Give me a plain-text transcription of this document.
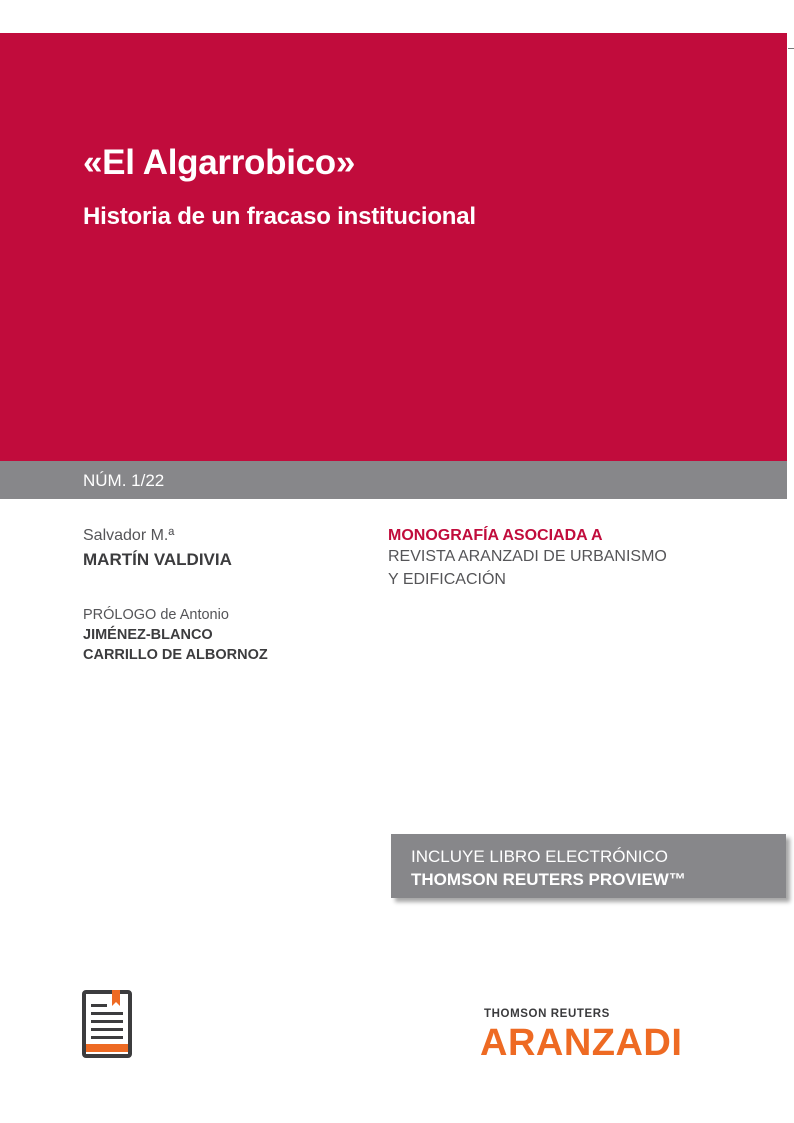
«El Algarrobico»
Historia de un fracaso institucional
NÚM. 1/22
Salvador M.ª
MARTÍN VALDIVIA
PRÓLOGO de Antonio
JIMÉNEZ-BLANCO
CARRILLO DE ALBORNOZ
MONOGRAFÍA ASOCIADA A
REVISTA ARANZADI DE URBANISMO
Y EDIFICACIÓN
INCLUYE LIBRO ELECTRÓNICO
THOMSON REUTERS PROVIEW™
THOMSON REUTERS
ARANZADI
